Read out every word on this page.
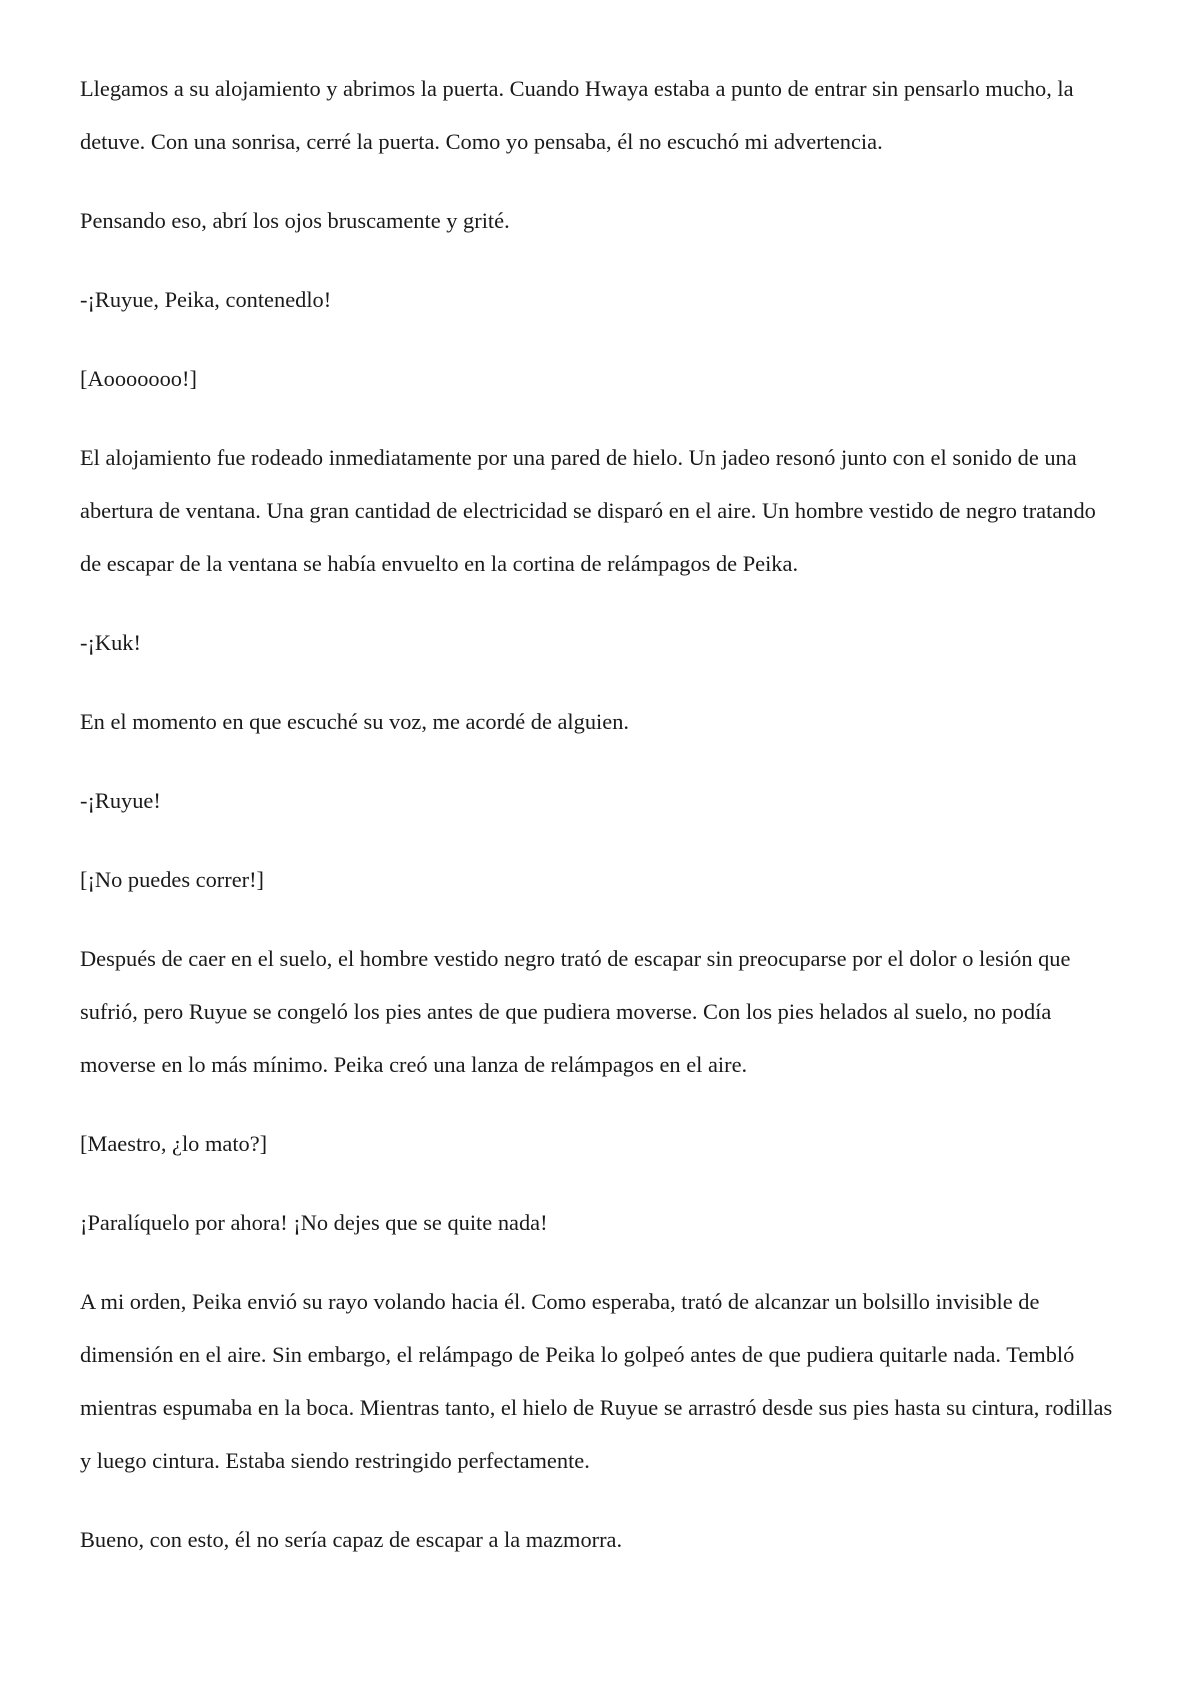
Llegamos a su alojamiento y abrimos la puerta. Cuando Hwaya estaba a punto de entrar sin pensarlo mucho, la detuve. Con una sonrisa, cerré la puerta. Como yo pensaba, él no escuchó mi advertencia.

Pensando eso, abrí los ojos bruscamente y grité.

-¡Ruyue, Peika, contenedlo!

[Aooooooo!]

El alojamiento fue rodeado inmediatamente por una pared de hielo. Un jadeo resonó junto con el sonido de una abertura de ventana. Una gran cantidad de electricidad se disparó en el aire. Un hombre vestido de negro tratando de escapar de la ventana se había envuelto en la cortina de relámpagos de Peika.

-¡Kuk!

En el momento en que escuché su voz, me acordé de alguien.

-¡Ruyue!

[¡No puedes correr!]

Después de caer en el suelo, el hombre vestido negro trató de escapar sin preocuparse por el dolor o lesión que sufrió, pero Ruyue se congeló los pies antes de que pudiera moverse. Con los pies helados al suelo, no podía moverse en lo más mínimo. Peika creó una lanza de relámpagos en el aire.

[Maestro, ¿lo mato?]

¡Paralíquelo por ahora! ¡No dejes que se quite nada!

A mi orden, Peika envió su rayo volando hacia él. Como esperaba, trató de alcanzar un bolsillo invisible de dimensión en el aire. Sin embargo, el relámpago de Peika lo golpeó antes de que pudiera quitarle nada. Tembló mientras espumaba en la boca. Mientras tanto, el hielo de Ruyue se arrastró desde sus pies hasta su cintura, rodillas y luego cintura. Estaba siendo restringido perfectamente.

Bueno, con esto, él no sería capaz de escapar a la mazmorra.
